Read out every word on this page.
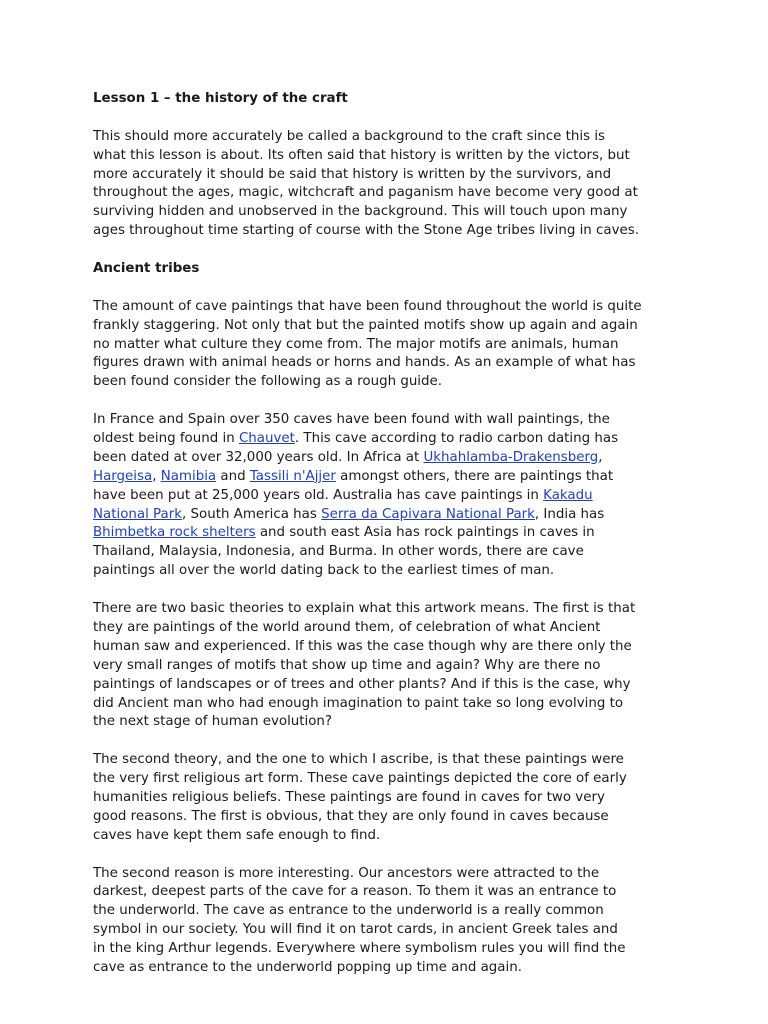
Lesson 1 – the history of the craft
This should more accurately be called a background to the craft since this is
what this lesson is about. Its often said that history is written by the victors, but
more accurately it should be said that history is written by the survivors, and
throughout the ages, magic, witchcraft and paganism have become very good at
surviving hidden and unobserved in the background. This will touch upon many
ages throughout time starting of course with the Stone Age tribes living in caves.
Ancient tribes
The amount of cave paintings that have been found throughout the world is quite
frankly staggering. Not only that but the painted motifs show up again and again
no matter what culture they come from. The major motifs are animals, human
figures drawn with animal heads or horns and hands. As an example of what has
been found consider the following as a rough guide.
In France and Spain over 350 caves have been found with wall paintings, the
oldest being found in Chauvet. This cave according to radio carbon dating has
been dated at over 32,000 years old. In Africa at Ukhahlamba-Drakensberg,
Hargeisa, Namibia and Tassili n'Ajjer amongst others, there are paintings that
have been put at 25,000 years old. Australia has cave paintings in Kakadu
National Park, South America has Serra da Capivara National Park, India has
Bhimbetka rock shelters and south east Asia has rock paintings in caves in
Thailand, Malaysia, Indonesia, and Burma. In other words, there are cave
paintings all over the world dating back to the earliest times of man.
There are two basic theories to explain what this artwork means. The first is that
they are paintings of the world around them, of celebration of what Ancient
human saw and experienced. If this was the case though why are there only the
very small ranges of motifs that show up time and again? Why are there no
paintings of landscapes or of trees and other plants? And if this is the case, why
did Ancient man who had enough imagination to paint take so long evolving to
the next stage of human evolution?
The second theory, and the one to which I ascribe, is that these paintings were
the very first religious art form. These cave paintings depicted the core of early
humanities religious beliefs. These paintings are found in caves for two very
good reasons. The first is obvious, that they are only found in caves because
caves have kept them safe enough to find.
The second reason is more interesting. Our ancestors were attracted to the
darkest, deepest parts of the cave for a reason. To them it was an entrance to
the underworld. The cave as entrance to the underworld is a really common
symbol in our society. You will find it on tarot cards, in ancient Greek tales and
in the king Arthur legends. Everywhere where symbolism rules you will find the
cave as entrance to the underworld popping up time and again.
